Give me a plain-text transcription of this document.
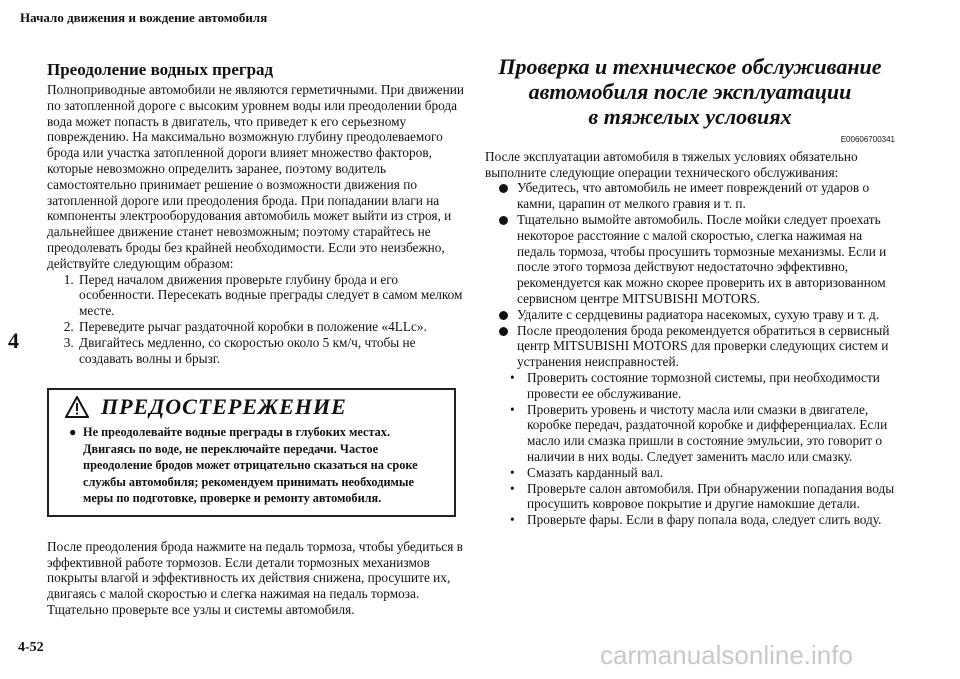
Начало движения и вождение автомобиля
4
Преодоление водных преград

Полноприводные автомобили не являются герметичными. При движении по затопленной дороге с высоким уровнем воды или преодолении брода вода может попасть в двигатель, что приведет к его серьезному повреждению. На максимально возможную глубину преодолеваемого брода или участка затопленной дороги влияет множество факторов, которые невозможно определить заранее, поэтому водитель самостоятельно принимает решение о возможности движения по затопленной дороге или преодоления брода. При попадании влаги на компоненты электрооборудования автомобиль может выйти из строя, и дальнейшее движение станет невозможным; поэтому старайтесь не преодолевать броды без крайней необходимости. Если это неизбежно, действуйте следующим образом:

1. Перед началом движения проверьте глубину брода и его особенности. Пересекать водные преграды следует в самом мелком месте.
2. Переведите рычаг раздаточной коробки в положение «4LLc».
3. Двигайтесь медленно, со скоростью около 5 км/ч, чтобы не создавать волны и брызг.
ПРЕДОСТЕРЕЖЕНИЕ
● Не преодолевайте водные преграды в глубоких местах. Двигаясь по воде, не переключайте передачи. Частое преодоление бродов может отрицательно сказаться на сроке службы автомобиля; рекомендуем принимать необходимые меры по подготовке, проверке и ремонту автомобиля.

После преодоления брода нажмите на педаль тормоза, чтобы убедиться в эффективной работе тормозов. Если детали тормозных механизмов покрыты влагой и эффективность их действия снижена, просушите их, двигаясь с малой скоростью и слегка нажимая на педаль тормоза.

Тщательно проверьте все узлы и системы автомобиля.

Проверка и техническое обслуживание

автомобиля после эксплуатации

в тяжелых условиях

E00606700341

После эксплуатации автомобиля в тяжелых условиях обязательно выполните следующие операции технического обслуживания:

Убедитесь, что автомобиль не имеет повреждений от ударов о камни, царапин от мелкого гравия и т. п.
Тщательно вымойте автомобиль. После мойки следует проехать некоторое расстояние с малой скоростью, слегка нажимая на педаль тормоза, чтобы просушить тормозные механизмы. Если и после этого тормоза действуют недостаточно эффективно, рекомендуется как можно скорее проверить их в авторизованном сервисном центре MITSUBISHI MOTORS.
Удалите с сердцевины радиатора насекомых, сухую траву и т. д.
После преодоления брода рекомендуется обратиться в сервисный центр MITSUBISHI MOTORS для проверки следующих систем и устранения неисправностей.
• Проверить состояние тормозной системы, при необходимости провести ее обслуживание.
• Проверить уровень и чистоту масла или смазки в двигателе, коробке передач, раздаточной коробке и дифференциалах. Если масло или смазка пришли в состояние эмульсии, это говорит о наличии в них воды. Следует заменить масло или смазку.
• Смазать карданный вал.
• Проверьте салон автомобиля. При обнаружении попадания воды просушить ковровое покрытие и другие намокшие детали.
• Проверьте фары. Если в фару попала вода, следует слить воду.
4-52	carmanualsonline.info
